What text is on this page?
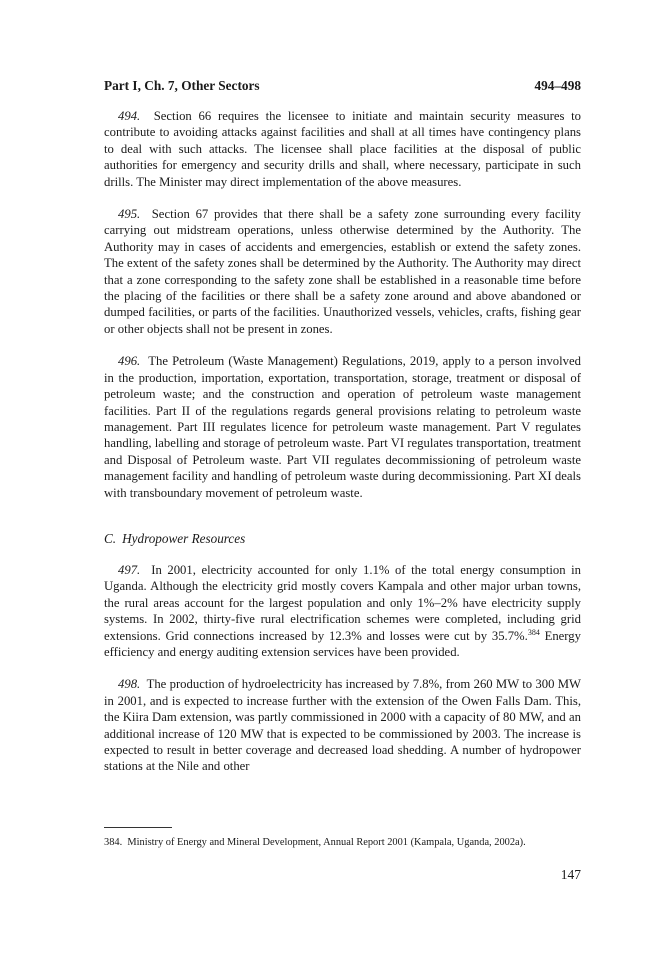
Part I, Ch. 7, Other Sectors	494–498

494. Section 66 requires the licensee to initiate and maintain security measures to contribute to avoiding attacks against facilities and shall at all times have contingency plans to deal with such attacks. The licensee shall place facilities at the disposal of public authorities for emergency and security drills and shall, where necessary, participate in such drills. The Minister may direct implementation of the above measures.

495. Section 67 provides that there shall be a safety zone surrounding every facility carrying out midstream operations, unless otherwise determined by the Authority. The Authority may in cases of accidents and emergencies, establish or extend the safety zones. The extent of the safety zones shall be determined by the Authority. The Authority may direct that a zone corresponding to the safety zone shall be established in a reasonable time before the placing of the facilities or there shall be a safety zone around and above abandoned or dumped facilities, or parts of the facilities. Unauthorized vessels, vehicles, crafts, fishing gear or other objects shall not be present in zones.

496. The Petroleum (Waste Management) Regulations, 2019, apply to a person involved in the production, importation, exportation, transportation, storage, treatment or disposal of petroleum waste; and the construction and operation of petroleum waste management facilities. Part II of the regulations regards general provisions relating to petroleum waste management. Part III regulates licence for petroleum waste management. Part V regulates handling, labelling and storage of petroleum waste. Part VI regulates transportation, treatment and Disposal of Petroleum waste. Part VII regulates decommissioning of petroleum waste management facility and handling of petroleum waste during decommissioning. Part XI deals with transboundary movement of petroleum waste.

C. Hydropower Resources

497. In 2001, electricity accounted for only 1.1% of the total energy consumption in Uganda. Although the electricity grid mostly covers Kampala and other major urban towns, the rural areas account for the largest population and only 1%–2% have electricity supply systems. In 2002, thirty-five rural electrification schemes were completed, including grid extensions. Grid connections increased by 12.3% and losses were cut by 35.7%.$^{384}$ Energy efficiency and energy auditing extension services have been provided.

498. The production of hydroelectricity has increased by 7.8%, from 260 MW to 300 MW in 2001, and is expected to increase further with the extension of the Owen Falls Dam. This, the Kiira Dam extension, was partly commissioned in 2000 with a capacity of 80 MW, and an additional increase of 120 MW that is expected to be commissioned by 2003. The increase is expected to result in better coverage and decreased load shedding. A number of hydropower stations at the Nile and other

384. Ministry of Energy and Mineral Development, Annual Report 2001 (Kampala, Uganda, 2002a).
147
